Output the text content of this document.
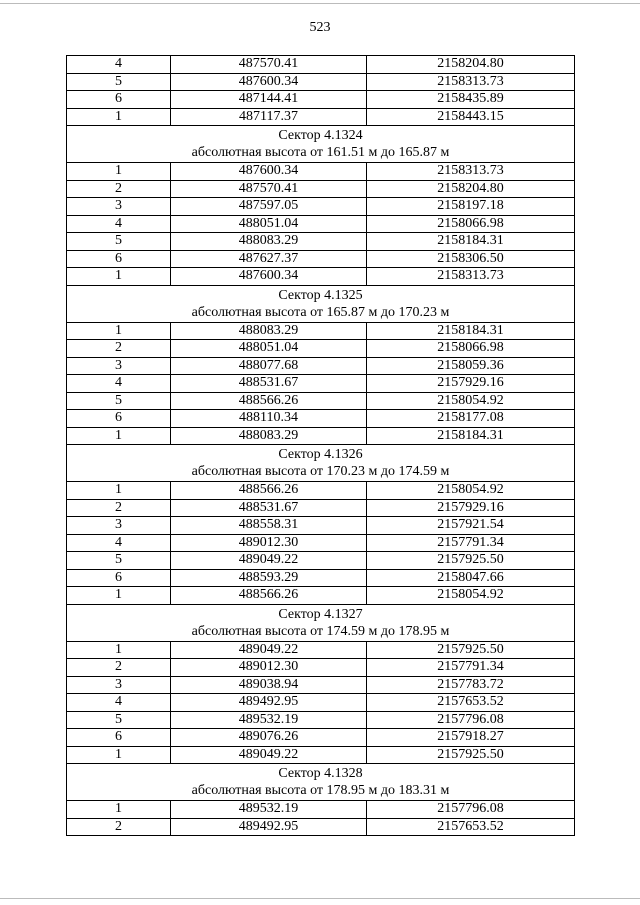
523
4	487570.41	2158204.80
5	487600.34	2158313.73
6	487144.41	2158435.89
1	487117.37	2158443.15

Сектор 4.1324
абсолютная высота от 161.51 м до 165.87 м		

1	487600.34	2158313.73
2	487570.41	2158204.80
3	487597.05	2158197.18
4	488051.04	2158066.98
5	488083.29	2158184.31
6	487627.37	2158306.50
1	487600.34	2158313.73

Сектор 4.1325
абсолютная высота от 165.87 м до 170.23 м		

1	488083.29	2158184.31
2	488051.04	2158066.98
3	488077.68	2158059.36
4	488531.67	2157929.16
5	488566.26	2158054.92
6	488110.34	2158177.08
1	488083.29	2158184.31

Сектор 4.1326
абсолютная высота от 170.23 м до 174.59 м		

1	488566.26	2158054.92
2	488531.67	2157929.16
3	488558.31	2157921.54
4	489012.30	2157791.34
5	489049.22	2157925.50
6	488593.29	2158047.66
1	488566.26	2158054.92

Сектор 4.1327
абсолютная высота от 174.59 м до 178.95 м		

1	489049.22	2157925.50
2	489012.30	2157791.34
3	489038.94	2157783.72
4	489492.95	2157653.52
5	489532.19	2157796.08
6	489076.26	2157918.27
1	489049.22	2157925.50

Сектор 4.1328
абсолютная высота от 178.95 м до 183.31 м		

1	489532.19	2157796.08
2	489492.95	2157653.52
